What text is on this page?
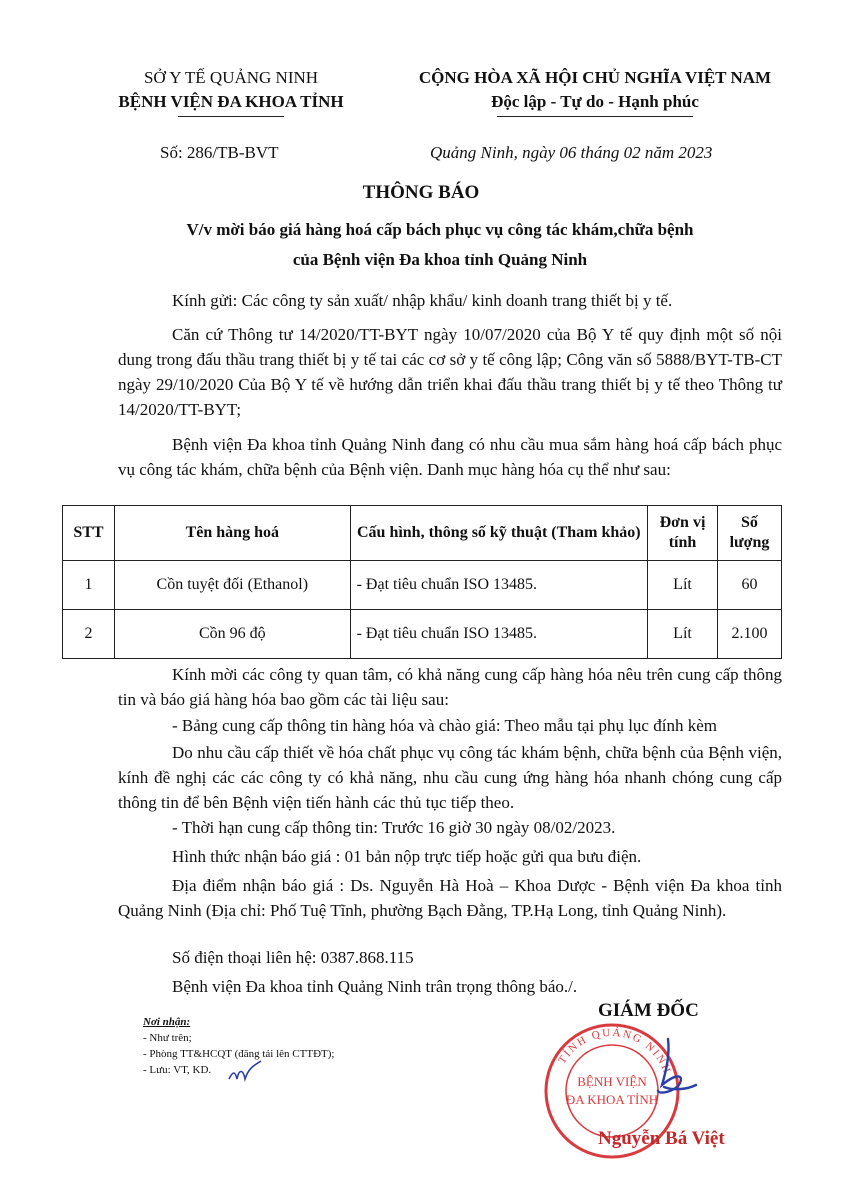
SỞ Y TẾ QUẢNG NINH
BỆNH VIỆN ĐA KHOA TỈNH
CỘNG HÒA XÃ HỘI CHỦ NGHĨA VIỆT NAM
Độc lập - Tự do - Hạnh phúc
Số: 286/TB-BVT	Quảng Ninh, ngày 06 tháng 02 năm 2023
THÔNG BÁO
V/v mời báo giá hàng hoá cấp bách phục vụ công tác khám,chữa bệnh
của Bệnh viện Đa khoa tỉnh Quảng Ninh
Kính gửi: Các công ty sản xuất/ nhập khẩu/ kinh doanh trang thiết bị y tế.
Căn cứ Thông tư 14/2020/TT-BYT ngày 10/07/2020 của Bộ Y tế quy định một số nội dung trong đấu thầu trang thiết bị y tế tai các cơ sở y tế công lập; Công văn số 5888/BYT-TB-CT ngày 29/10/2020 Của Bộ Y tế về hướng dẫn triển khai đấu thầu trang thiết bị y tế theo Thông tư 14/2020/TT-BYT;
Bệnh viện Đa khoa tỉnh Quảng Ninh đang có nhu cầu mua sắm hàng hoá cấp bách phục vụ công tác khám, chữa bệnh của Bệnh viện. Danh mục hàng hóa cụ thể như sau:
STT	Tên hàng hoá	Cấu hình, thông số kỹ thuật (Tham khảo)	Đơn vị tính	Số lượng
1	Cồn tuyệt đối (Ethanol)	- Đạt tiêu chuẩn ISO 13485.	Lít	60
2	Cồn 96 độ	- Đạt tiêu chuẩn ISO 13485.	Lít	2.100
Kính mời các công ty quan tâm, có khả năng cung cấp hàng hóa nêu trên cung cấp thông tin và báo giá hàng hóa bao gồm các tài liệu sau:
- Bảng cung cấp thông tin hàng hóa và chào giá: Theo mẫu tại phụ lục đính kèm
Do nhu cầu cấp thiết về hóa chất phục vụ công tác khám bệnh, chữa bệnh của Bệnh viện, kính đề nghị các các công ty có khả năng, nhu cầu cung ứng hàng hóa nhanh chóng cung cấp thông tin để bên Bệnh viện tiến hành các thủ tục tiếp theo.
- Thời hạn cung cấp thông tin: Trước 16 giờ 30 ngày 08/02/2023.
Hình thức nhận báo giá : 01 bản nộp trực tiếp hoặc gửi qua bưu điện.
Địa điểm nhận báo giá : Ds. Nguyễn Hà Hoà – Khoa Dược - Bệnh viện Đa khoa tỉnh Quảng Ninh (Địa chỉ: Phố Tuệ Tĩnh, phường Bạch Đằng, TP.Hạ Long, tỉnh Quảng Ninh).
Số điện thoại liên hệ: 0387.868.115
Bệnh viện Đa khoa tỉnh Quảng Ninh trân trọng thông báo./.
Nơi nhận:
- Như trên;
- Phòng TT&HCQT (đăng tải lên CTTĐT);
- Lưu: VT, KD.
GIÁM ĐỐC
TỈNH QUẢNG NINH
BỆNH VIỆN
ĐA KHOA TỈNH
Nguyễn Bá Việt
